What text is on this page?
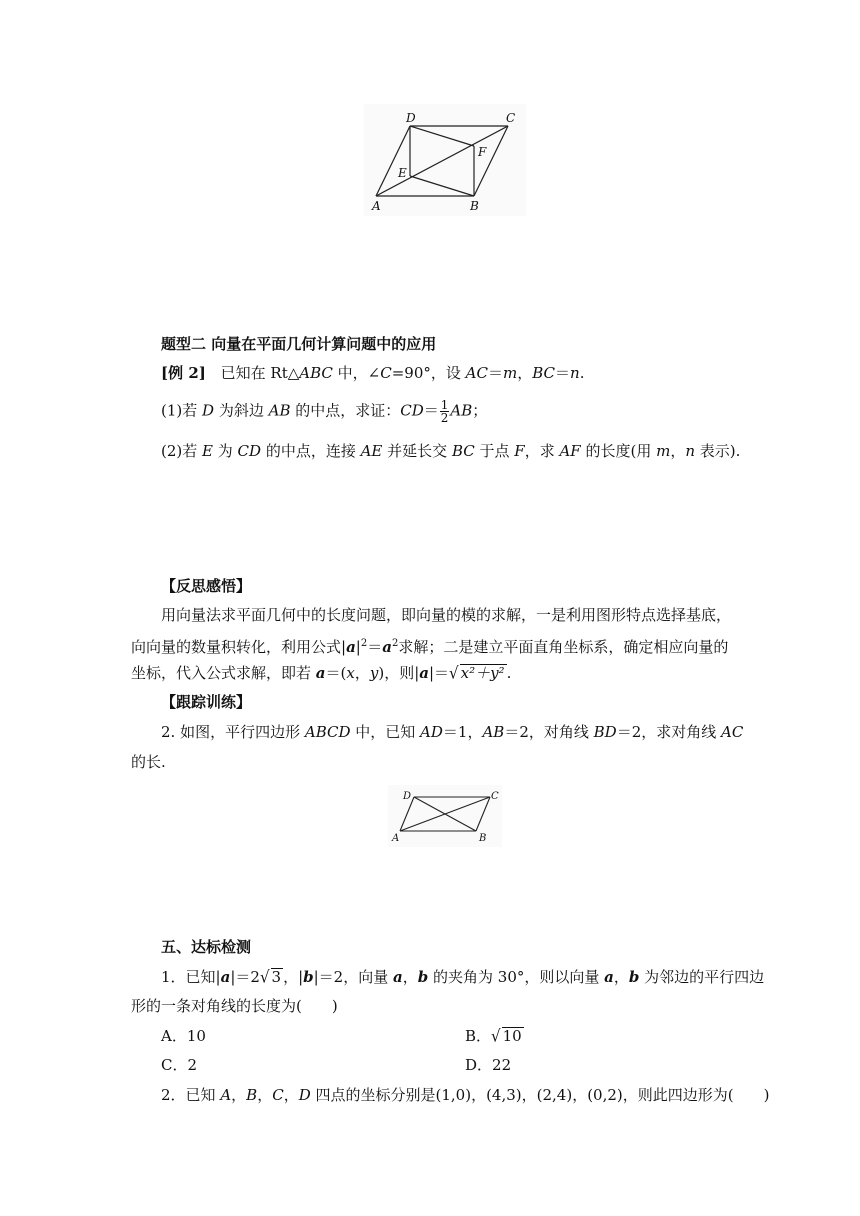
D	C
F
E
A	B
题型二 向量在平面几何计算问题中的应用
[例 2] 已知在 Rt△ABC 中，∠C=90°，设 AC＝m，BC＝n.
(1)若 D 为斜边 AB 的中点，求证：$CD= \frac{1}{2}$ AB；
(2)若 E 为 CD 的中点，连接 AE 并延长交 BC 于点 F，求 AF 的长度(用 m，n 表示).
【反思感悟】
用向量法求平面几何中的长度问题，即向量的模的求解，一是利用图形特点选择基底，
向向量的数量积转化，利用公式$|a|^2=a^2$求解；二是建立平面直角坐标系，确定相应向量的
坐标，代入公式求解，即若 a＝(x，y)，则|a|＝√ x²＋y² .
【跟踪训练】
2. 如图，平行四边形 ABCD 中，已知 AD＝1，AB＝2，对角线 BD＝2，求对角线 AC
的长.
D	C
A	B
五、达标检测
1．已知|a|＝2√ 3 ，|b|＝2，向量 a，b 的夹角为 30°，则以向量 a，b 为邻边的平行四边
形的一条对角线的长度为(　　)
A．10	B．√ 10
C．2	D．22
2．已知 A，B，C，D 四点的坐标分别是(1,0)，(4,3)，(2,4)，(0,2)，则此四边形为(　　)
